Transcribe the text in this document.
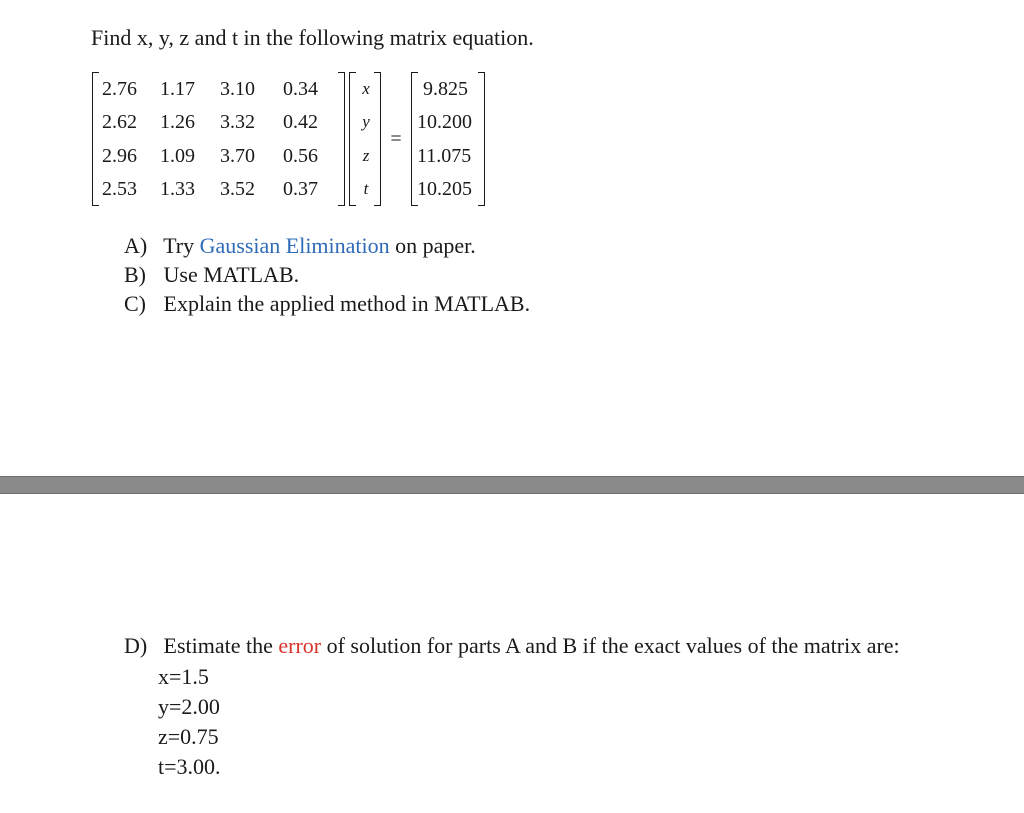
Find x, y, z and t in the following matrix equation.
2.76 1.17 3.10 0.34
2.62 1.26 3.32 0.42
2.96 1.09 3.70 0.56
2.53 1.33 3.52 0.37
x
y
z
t
=
9.825
10.200
11.075
10.205
A) Try Gaussian Elimination on paper.
B) Use MATLAB.
C) Explain the applied method in MATLAB.
D) Estimate the error of solution for parts A and B if the exact values of the matrix are:
x=1.5
y=2.00
z=0.75
t=3.00.
